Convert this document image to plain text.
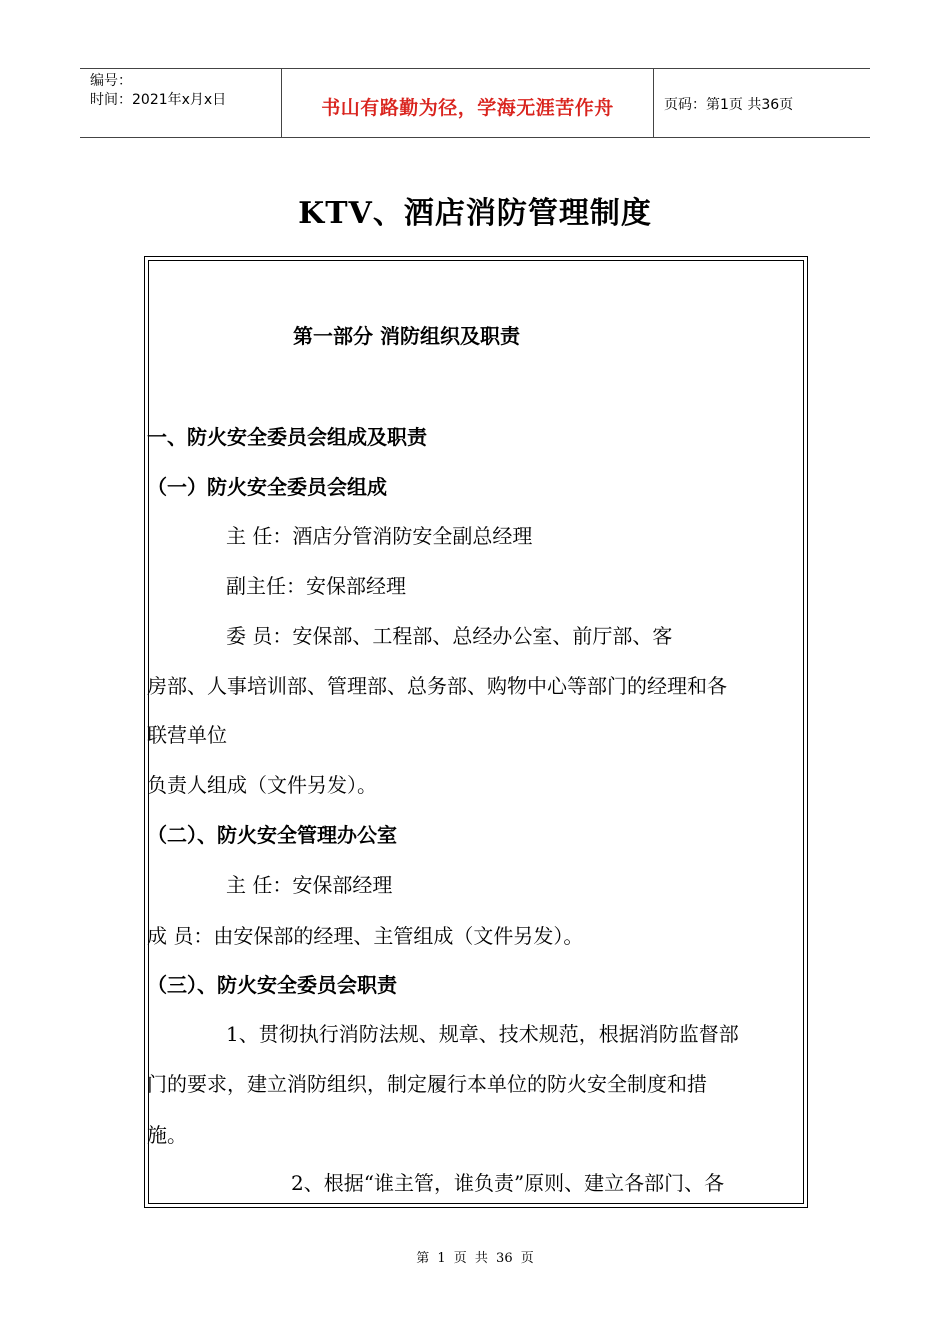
编号：
时间：2021年x月x日	书山有路勤为径，学海无涯苦作舟	页码：第1页 共36页
KTV、酒店消防管理制度
第一部分 消防组织及职责
一、防火安全委员会组成及职责
（一）防火安全委员会组成
主 任：酒店分管消防安全副总经理
副主任：安保部经理
委 员：安保部、工程部、总经办公室、前厅部、客
房部、人事培训部、管理部、总务部、购物中心等部门的经理和各
联营单位
负责人组成（文件另发）。
（二）、防火安全管理办公室
主 任：安保部经理
成 员：由安保部的经理、主管组成（文件另发）。
（三）、防火安全委员会职责
1、贯彻执行消防法规、规章、技术规范，根据消防监督部
门的要求，建立消防组织，制定履行本单位的防火安全制度和措
施。
2、根据“谁主管，谁负责”原则、建立各部门、各
第 1 页 共 36 页
